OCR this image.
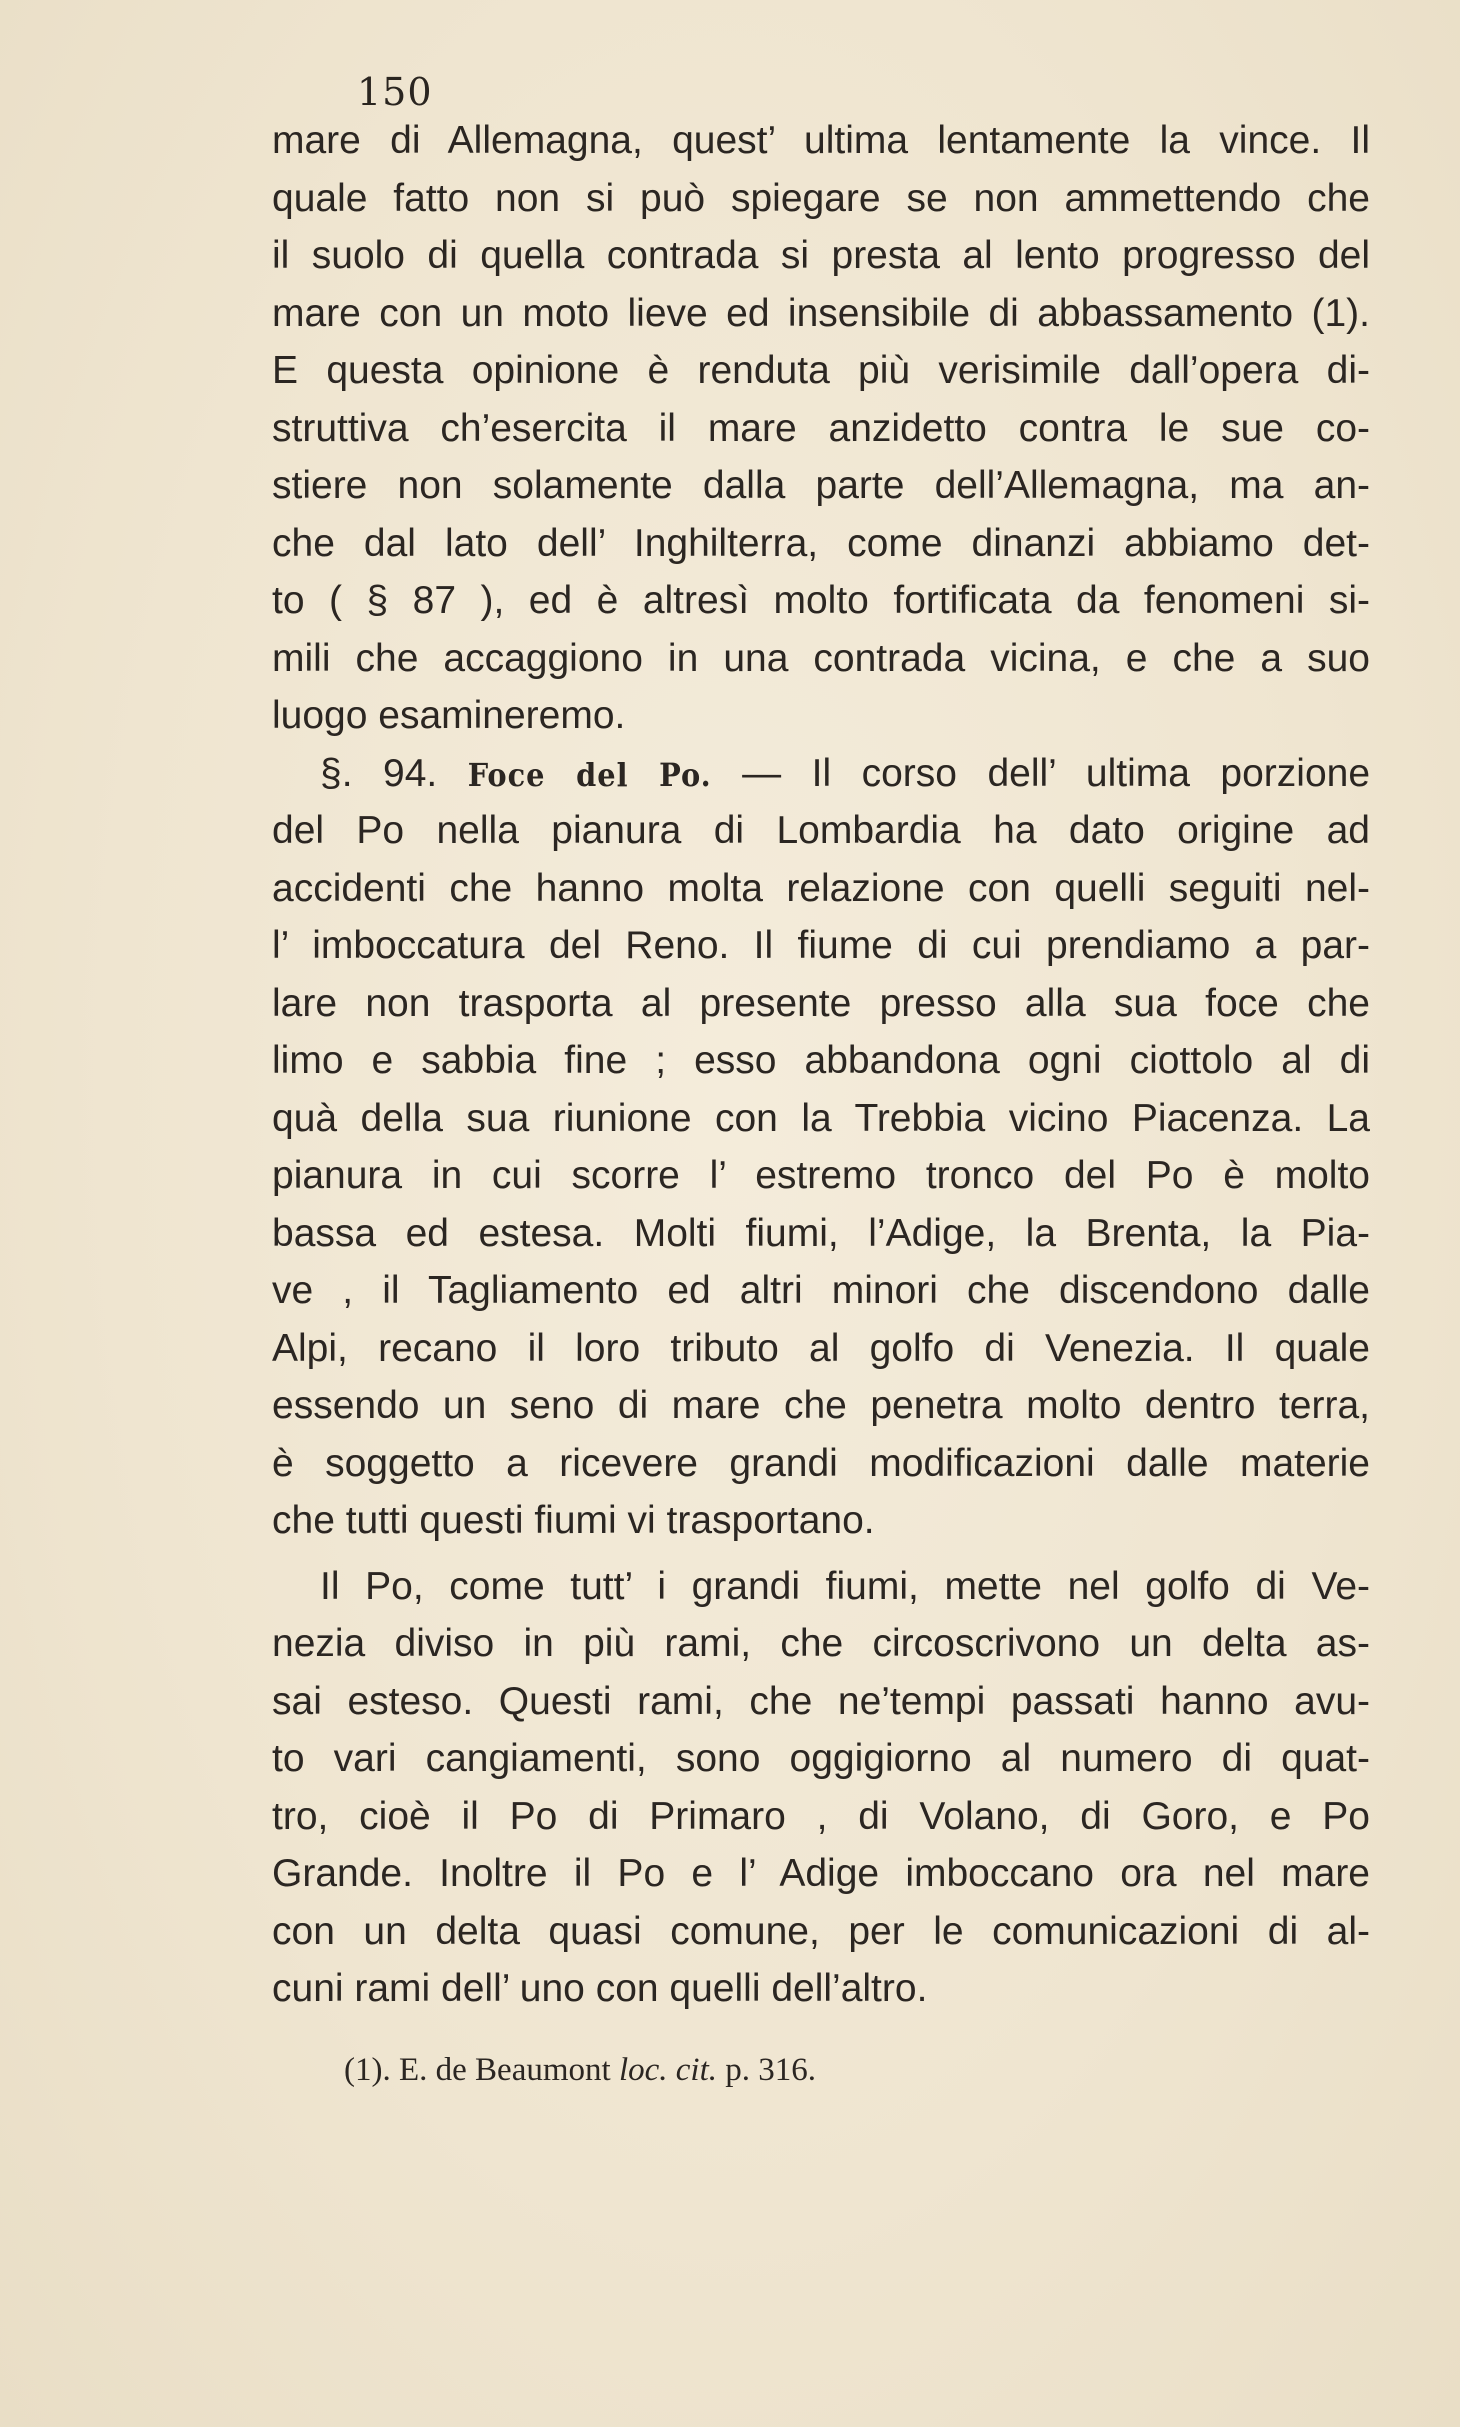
150
mare di Allemagna, quest’ ultima lentamente la vince. Il
quale fatto non si può spiegare se non ammettendo che
il suolo di quella contrada si presta al lento progresso del
mare con un moto lieve ed insensibile di abbassamento (1).
E questa opinione è renduta più verisimile dall’opera di-
struttiva ch’esercita il mare anzidetto contra le sue co-
stiere non solamente dalla parte dell’Allemagna, ma an-
che dal lato dell’ Inghilterra, come dinanzi abbiamo det-
to ( § 87 ), ed è altresì molto fortificata da fenomeni si-
mili che accaggiono in una contrada vicina, e che a suo
luogo esamineremo.
§. 94. Foce del Po. — Il corso dell’ ultima porzione
del Po nella pianura di Lombardia ha dato origine ad
accidenti che hanno molta relazione con quelli seguiti nel-
l’ imboccatura del Reno. Il fiume di cui prendiamo a par-
lare non trasporta al presente presso alla sua foce che
limo e sabbia fine ; esso abbandona ogni ciottolo al di
quà della sua riunione con la Trebbia vicino Piacenza. La
pianura in cui scorre l’ estremo tronco del Po è molto
bassa ed estesa. Molti fiumi, l’Adige, la Brenta, la Pia-
ve , il Tagliamento ed altri minori che discendono dalle
Alpi, recano il loro tributo al golfo di Venezia. Il quale
essendo un seno di mare che penetra molto dentro terra,
è soggetto a ricevere grandi modificazioni dalle materie
che tutti questi fiumi vi trasportano.
Il Po, come tutt’ i grandi fiumi, mette nel golfo di Ve-
nezia diviso in più rami, che circoscrivono un delta as-
sai esteso. Questi rami, che ne’tempi passati hanno avu-
to vari cangiamenti, sono oggigiorno al numero di quat-
tro, cioè il Po di Primaro , di Volano, di Goro, e Po
Grande. Inoltre il Po e l’ Adige imboccano ora nel mare
con un delta quasi comune, per le comunicazioni di al-
cuni rami dell’ uno con quelli dell’altro.
(1). E. de Beaumont loc. cit. p. 316.
